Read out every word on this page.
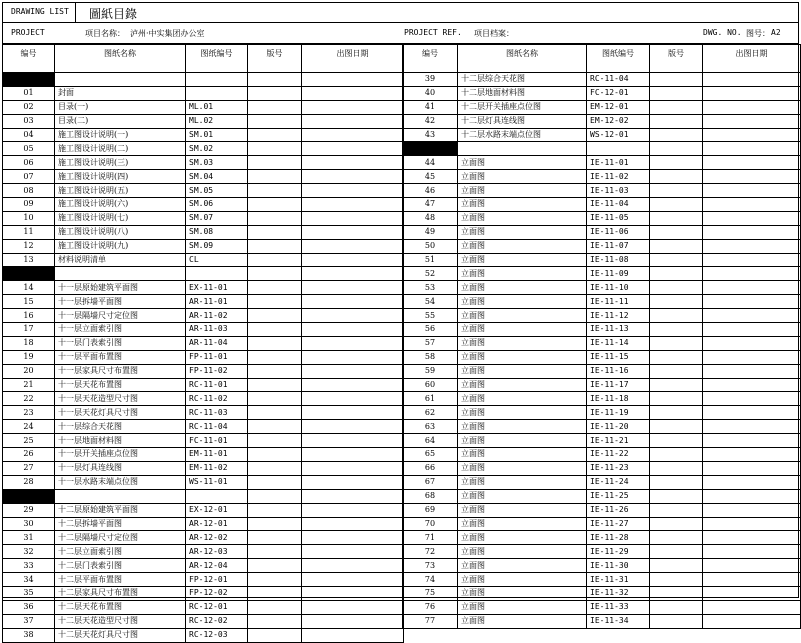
DRAWING LIST 圖紙目錄
PROJECT	项目名称： 泸州·中实集团办公室	PROJECT REF. 项目档案：	DWG. NO. 图号： A2
编号	图纸名称	图纸编号	版号	出图日期

01	封面			
02	目录(一)	ML.01		
03	目录(二)	ML.02		
04	施工图设计说明(一)	SM.01		
05	施工图设计说明(二)	SM.02		
06	施工图设计说明(三)	SM.03		
07	施工图设计说明(四)	SM.04		
08	施工图设计说明(五)	SM.05		
09	施工图设计说明(六)	SM.06		
10	施工图设计说明(七)	SM.07		
11	施工图设计说明(八)	SM.08		
12	施工图设计说明(九)	SM.09		
13	材料说明清单	CL		

14	十一层原始建筑平面图	EX-11-01		
15	十一层拆墙平面图	AR-11-01		
16	十一层隔墙尺寸定位图	AR-11-02		
17	十一层立面索引图	AR-11-03		
18	十一层门表索引图	AR-11-04		
19	十一层平面布置图	FP-11-01		
20	十一层家具尺寸布置图	FP-11-02		
21	十一层天花布置图	RC-11-01		
22	十一层天花造型尺寸图	RC-11-02		
23	十一层天花灯具尺寸图	RC-11-03		
24	十一层综合天花图	RC-11-04		
25	十一层地面材料图	FC-11-01		
26	十一层开关插座点位图	EM-11-01		
27	十一层灯具连线图	EM-11-02		
28	十一层水路末端点位图	WS-11-01		

29	十二层原始建筑平面图	EX-12-01		
30	十二层拆墙平面图	AR-12-01		
31	十二层隔墙尺寸定位图	AR-12-02		
32	十二层立面索引图	AR-12-03		
33	十二层门表索引图	AR-12-04		
34	十二层平面布置图	FP-12-01		
35	十二层家具尺寸布置图	FP-12-02		
36	十二层天花布置图	RC-12-01		
37	十二层天花造型尺寸图	RC-12-02		
38	十二层天花灯具尺寸图	RC-12-03		
编号	图纸名称	图纸编号	版号	出图日期
39	十二层综合天花图	RC-11-04		
40	十二层地面材料图	FC-12-01		
41	十二层开关插座点位图	EM-12-01		
42	十二层灯具连线图	EM-12-02		
43	十二层水路末端点位图	WS-12-01		

44	立面图	IE-11-01		
45	立面图	IE-11-02		
46	立面图	IE-11-03		
47	立面图	IE-11-04		
48	立面图	IE-11-05		
49	立面图	IE-11-06		
50	立面图	IE-11-07		
51	立面图	IE-11-08		
52	立面图	IE-11-09		
53	立面图	IE-11-10		
54	立面图	IE-11-11		
55	立面图	IE-11-12		
56	立面图	IE-11-13		
57	立面图	IE-11-14		
58	立面图	IE-11-15		
59	立面图	IE-11-16		
60	立面图	IE-11-17		
61	立面图	IE-11-18		
62	立面图	IE-11-19		
63	立面图	IE-11-20		
64	立面图	IE-11-21		
65	立面图	IE-11-22		
66	立面图	IE-11-23		
67	立面图	IE-11-24		
68	立面图	IE-11-25		
69	立面图	IE-11-26		
70	立面图	IE-11-27		
71	立面图	IE-11-28		
72	立面图	IE-11-29		
73	立面图	IE-11-30		
74	立面图	IE-11-31		
75	立面图	IE-11-32		
76	立面图	IE-11-33		
77	立面图	IE-11-34		
